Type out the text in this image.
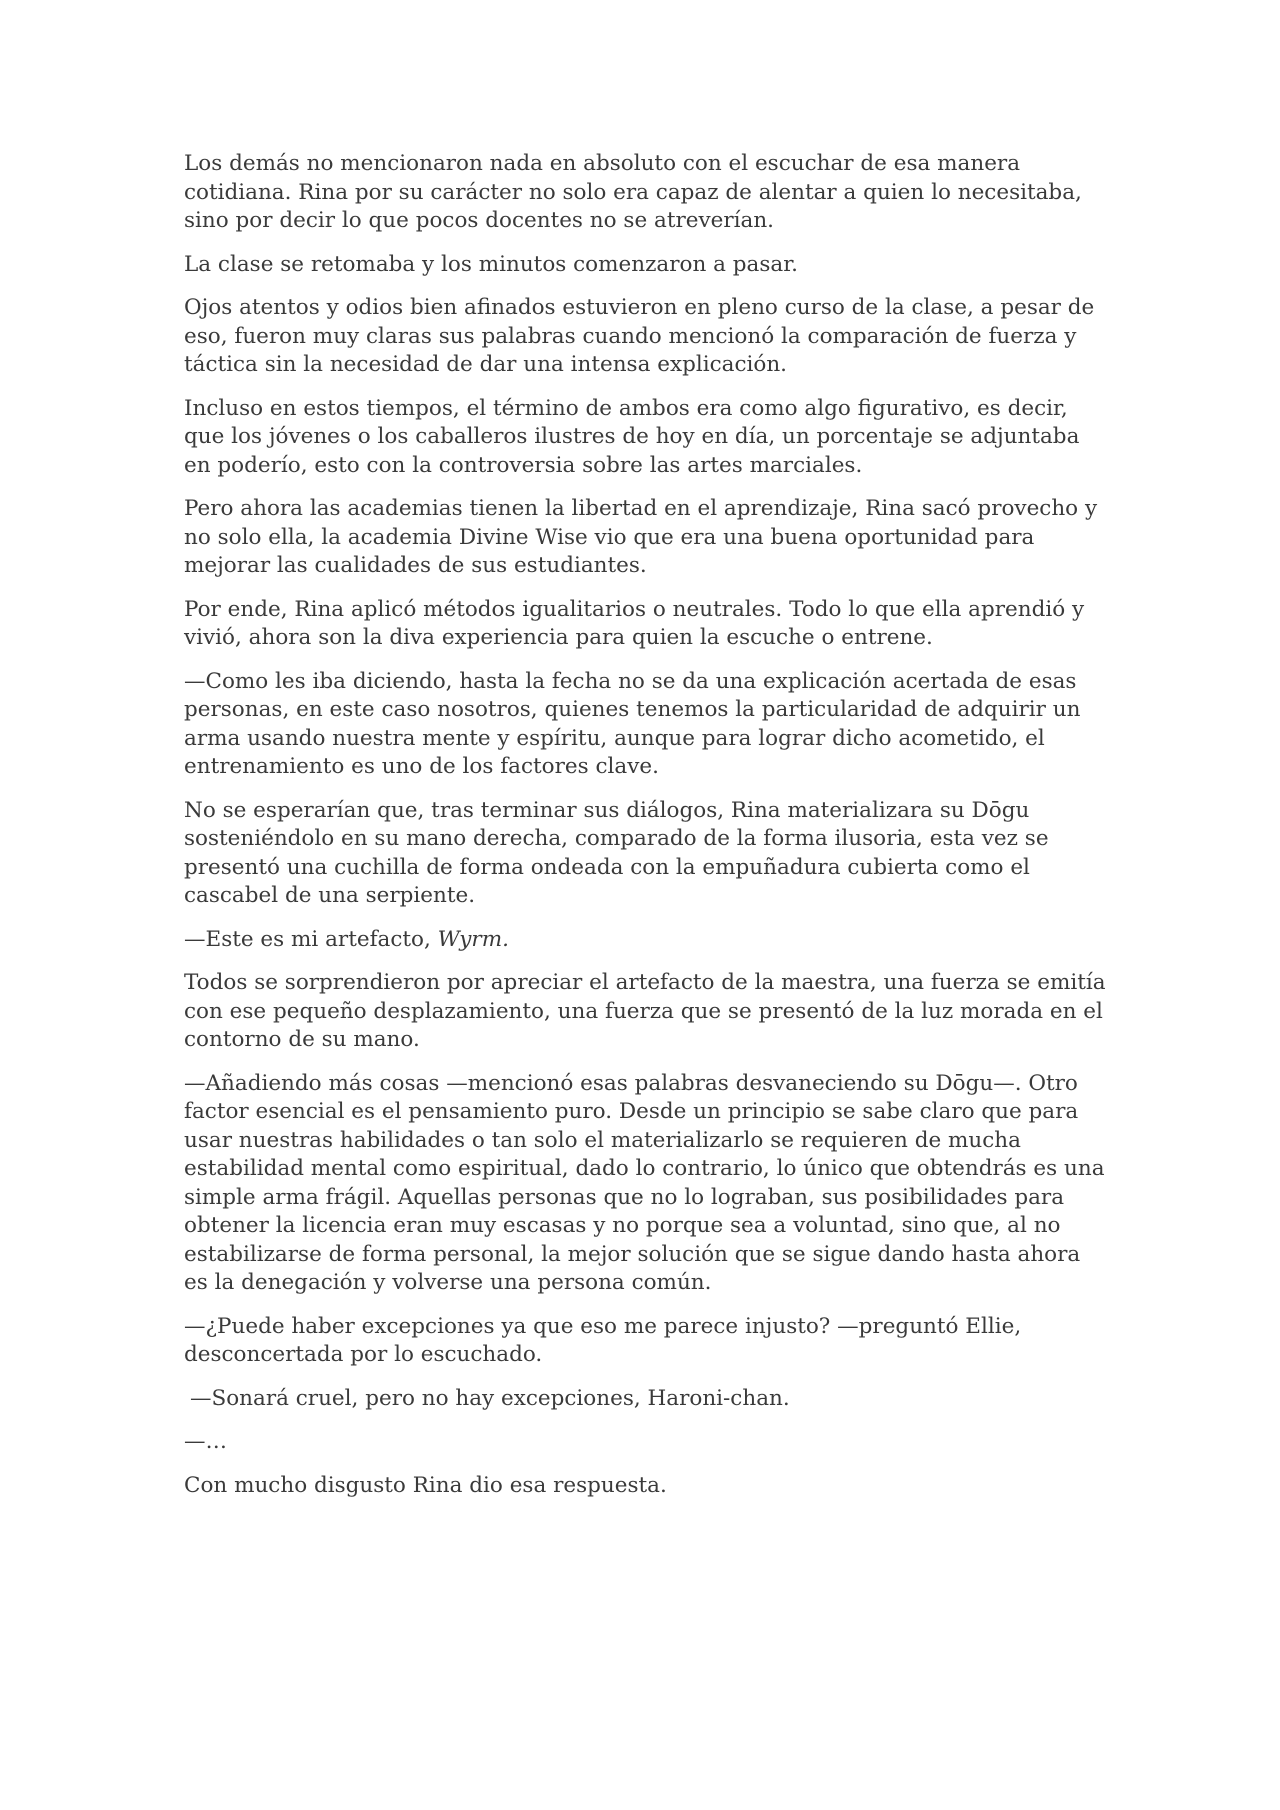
Los demás no mencionaron nada en absoluto con el escuchar de esa manera cotidiana. Rina por su carácter no solo era capaz de alentar a quien lo necesitaba, sino por decir lo que pocos docentes no se atreverían.

La clase se retomaba y los minutos comenzaron a pasar.

Ojos atentos y odios bien afinados estuvieron en pleno curso de la clase, a pesar de eso, fueron muy claras sus palabras cuando mencionó la comparación de fuerza y táctica sin la necesidad de dar una intensa explicación.

Incluso en estos tiempos, el término de ambos era como algo figurativo, es decir, que los jóvenes o los caballeros ilustres de hoy en día, un porcentaje se adjuntaba en poderío, esto con la controversia sobre las artes marciales.

Pero ahora las academias tienen la libertad en el aprendizaje, Rina sacó provecho y no solo ella, la academia Divine Wise vio que era una buena oportunidad para mejorar las cualidades de sus estudiantes.

Por ende, Rina aplicó métodos igualitarios o neutrales. Todo lo que ella aprendió y vivió, ahora son la diva experiencia para quien la escuche o entrene.

—Como les iba diciendo, hasta la fecha no se da una explicación acertada de esas personas, en este caso nosotros, quienes tenemos la particularidad de adquirir un arma usando nuestra mente y espíritu, aunque para lograr dicho acometido, el entrenamiento es uno de los factores clave.

No se esperarían que, tras terminar sus diálogos, Rina materializara su Dōgu sosteniéndolo en su mano derecha, comparado de la forma ilusoria, esta vez se presentó una cuchilla de forma ondeada con la empuñadura cubierta como el cascabel de una serpiente.

—Este es mi artefacto, Wyrm.

Todos se sorprendieron por apreciar el artefacto de la maestra, una fuerza se emitía con ese pequeño desplazamiento, una fuerza que se presentó de la luz morada en el contorno de su mano.

—Añadiendo más cosas —mencionó esas palabras desvaneciendo su Dōgu—. Otro factor esencial es el pensamiento puro. Desde un principio se sabe claro que para usar nuestras habilidades o tan solo el materializarlo se requieren de mucha estabilidad mental como espiritual, dado lo contrario, lo único que obtendrás es una simple arma frágil. Aquellas personas que no lo lograban, sus posibilidades para obtener la licencia eran muy escasas y no porque sea a voluntad, sino que, al no estabilizarse de forma personal, la mejor solución que se sigue dando hasta ahora es la denegación y volverse una persona común.

—¿Puede haber excepciones ya que eso me parece injusto? —preguntó Ellie, desconcertada por lo escuchado.

—Sonará cruel, pero no hay excepciones, Haroni-chan.

—…

Con mucho disgusto Rina dio esa respuesta.
